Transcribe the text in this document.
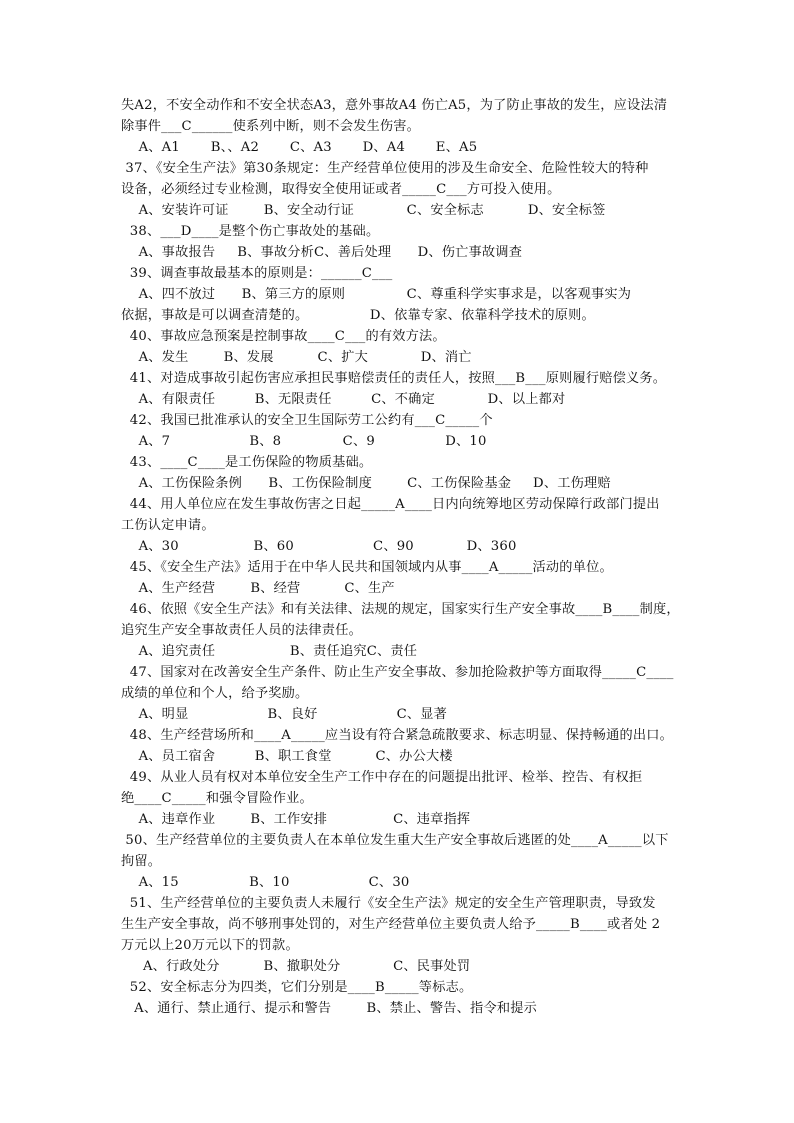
失A2，不安全动作和不安全状态A3，意外事故A4 伤亡A5，为了防止事故的发生，应设法清
除事件___C______使系列中断，则不会发生伤害。
A、A1       B、、A2       C、A3       D、A4       E、A5
37、《安全生产法》第30条规定：生产经营单位使用的涉及生命安全、危险性较大的特种
设备，必须经过专业检测，取得安全使用证或者_____C___方可投入使用。
A、安装许可证        B、安全动行证            C、安全标志          D、安全标签
38、___D____是整个伤亡事故处的基础。
A、事故报告     B、事故分析C、善后处理      D、伤亡事故调查
39、调查事故最基本的原则是：______C___
A、四不放过      B、第三方的原则              C、尊重科学实事求是，以客观事实为
依据，事故是可以调查清楚的。              D、依靠专家、依靠科学技术的原则。
40、事故应急预案是控制事故____C___的有效方法。
A、发生        B、发展          C、扩大            D、消亡
41、对造成事故引起伤害应承担民事赔偿责任的责任人，按照___B___原则履行赔偿义务。
A、有限责任         B、无限责任         C、不确定            D、以上都对
42、我国已批准承认的安全卫生国际劳工公约有___C_____个
A、7                  B、8              C、9                D、10
43、____C____是工伤保险的物质基础。
A、工伤保险条例      B、工伤保险制度        C、工伤保险基金     D、工伤理赔
44、用人单位应在发生事故伤害之日起_____A____日内向统筹地区劳动保障行政部门提出
工伤认定申请。
A、30                 B、60                  C、90            D、360
45、《安全生产法》适用于在中华人民共和国领域内从事____A_____活动的单位。
A、生产经营        B、经营          C、生产
46、依照《安全生产法》和有关法律、法规的规定，国家实行生产安全事故____B____制度，
追究生产安全事故责任人员的法律责任。
A、追究责任                 B、责任追究C、责任
47、国家对在改善安全生产条件、防止生产安全事故、参加抢险救护等方面取得_____C____
成绩的单位和个人，给予奖励。
A、明显                  B、良好                  C、显著
48、生产经营场所和____A_____应当设有符合紧急疏散要求、标志明显、保持畅通的出口。
A、员工宿舍         B、职工食堂          C、办公大楼
49、从业人员有权对本单位安全生产工作中存在的问题提出批评、检举、控告、有权拒
绝____C_____和强令冒险作业。
A、违章作业        B、工作安排               C、违章指挥
50、生产经营单位的主要负责人在本单位发生重大生产安全事故后逃匿的处____A_____以下
拘留。
A、15                B、10                  C、30
51、生产经营单位的主要负责人未履行《安全生产法》规定的安全生产管理职责，导致发
生生产安全事故，尚不够刑事处罚的，对生产经营单位主要负责人给予_____B____或者处 2
万元以上20万元以下的罚款。
A、行政处分          B、撤职处分            C、民事处罚
52、安全标志分为四类，它们分别是____B_____等标志。
A、通行、禁止通行、提示和警告        B、禁止、警告、指令和提示
